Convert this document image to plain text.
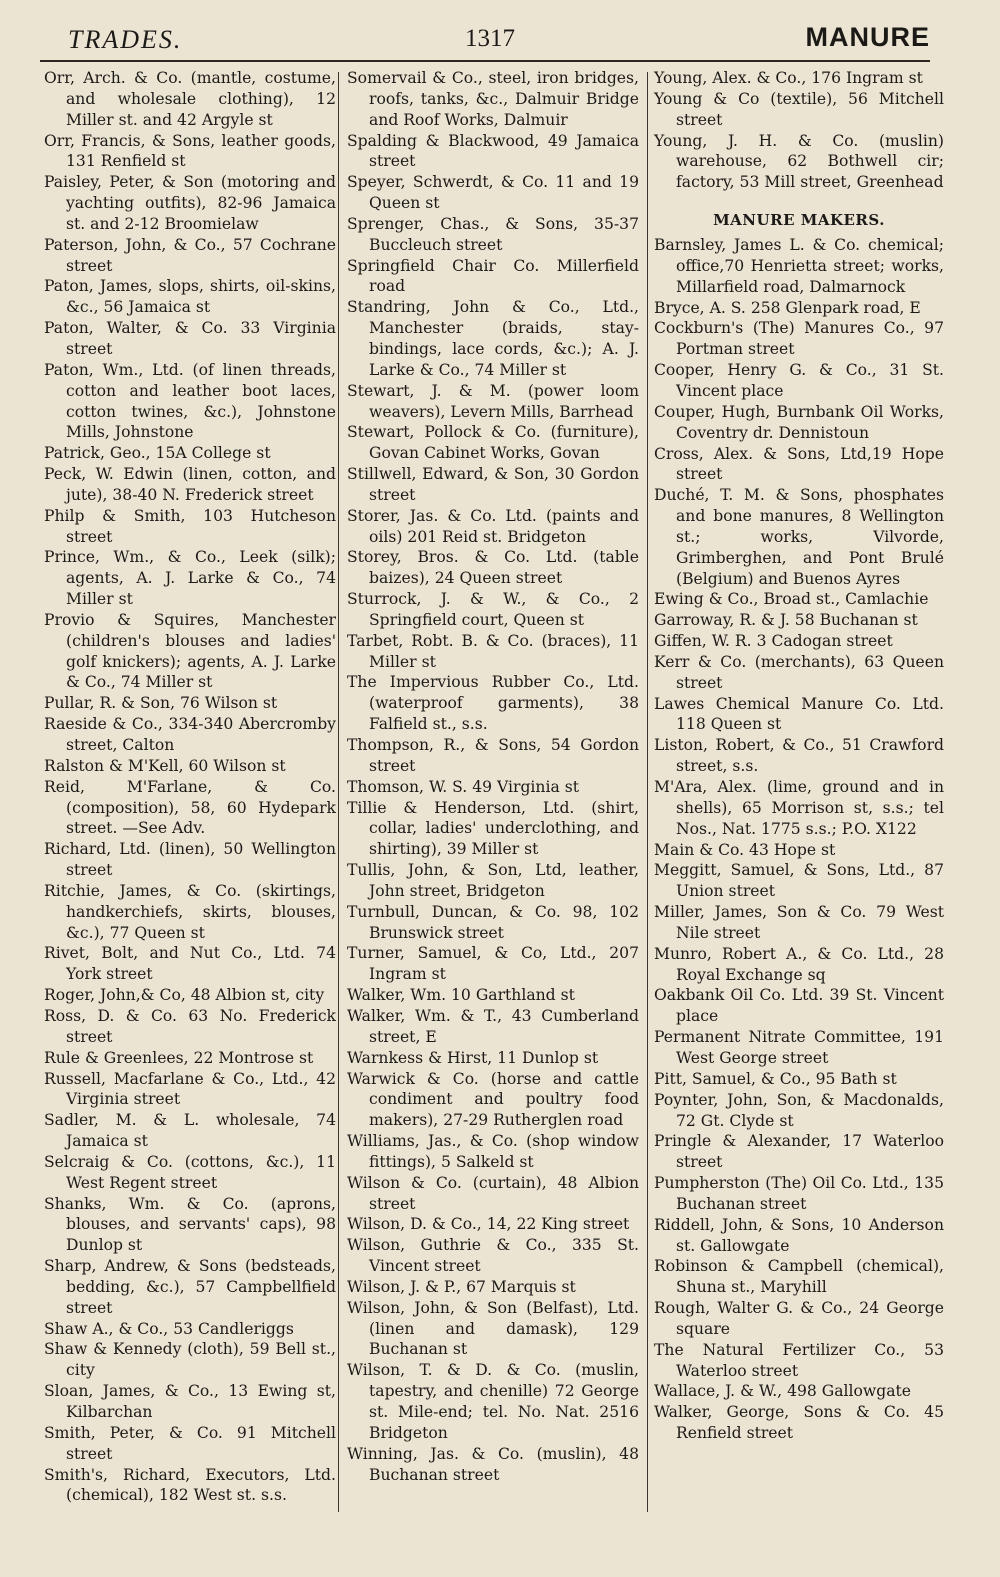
TRADES.	1317	MANURE
Orr, Arch. & Co. (mantle, costume, and wholesale clothing), 12 Miller st. and 42 Argyle st
Orr, Francis, & Sons, leather goods, 131 Renfield st
Paisley, Peter, & Son (motoring and yachting outfits), 82-96 Jamaica st. and 2-12 Broomielaw
Paterson, John, & Co., 57 Cochrane street
Paton, James, slops, shirts, oil-skins, &c., 56 Jamaica st
Paton, Walter, & Co. 33 Virginia street
Paton, Wm., Ltd. (of linen threads, cotton and leather boot laces, cotton twines, &c.), Johnstone Mills, Johnstone
Patrick, Geo., 15A College st
Peck, W. Edwin (linen, cotton, and jute), 38-40 N. Frederick street
Philp & Smith, 103 Hutcheson street
Prince, Wm., & Co., Leek (silk); agents, A. J. Larke & Co., 74 Miller st
Provio & Squires, Manchester (children's blouses and ladies' golf knickers); agents, A. J. Larke & Co., 74 Miller st
Pullar, R. & Son, 76 Wilson st
Raeside & Co., 334-340 Abercromby street, Calton
Ralston & M'Kell, 60 Wilson st
Reid, M'Farlane, & Co. (composition), 58, 60 Hydepark street. —See Adv.
Richard, Ltd. (linen), 50 Wellington street
Ritchie, James, & Co. (skirtings, handkerchiefs, skirts, blouses, &c.), 77 Queen st
Rivet, Bolt, and Nut Co., Ltd. 74 York street
Roger, John,& Co, 48 Albion st, city
Ross, D. & Co. 63 No. Frederick street
Rule & Greenlees, 22 Montrose st
Russell, Macfarlane & Co., Ltd., 42 Virginia street
Sadler, M. & L. wholesale, 74 Jamaica st
Selcraig & Co. (cottons, &c.), 11 West Regent street
Shanks, Wm. & Co. (aprons, blouses, and servants' caps), 98 Dunlop st
Sharp, Andrew, & Sons (bedsteads, bedding, &c.), 57 Campbellfield street
Shaw A., & Co., 53 Candleriggs
Shaw & Kennedy (cloth), 59 Bell st., city
Sloan, James, & Co., 13 Ewing st, Kilbarchan
Smith, Peter, & Co. 91 Mitchell street
Smith's, Richard, Executors, Ltd. (chemical), 182 West st. s.s.
Somervail & Co., steel, iron bridges, roofs, tanks, &c., Dalmuir Bridge and Roof Works, Dalmuir
Spalding & Blackwood, 49 Jamaica street
Speyer, Schwerdt, & Co. 11 and 19 Queen st
Sprenger, Chas., & Sons, 35-37 Buccleuch street
Springfield Chair Co. Millerfield road
Standring, John & Co., Ltd., Manchester (braids, stay-bindings, lace cords, &c.); A. J. Larke & Co., 74 Miller st
Stewart, J. & M. (power loom weavers), Levern Mills, Barrhead
Stewart, Pollock & Co. (furniture), Govan Cabinet Works, Govan
Stillwell, Edward, & Son, 30 Gordon street
Storer, Jas. & Co. Ltd. (paints and oils) 201 Reid st. Bridgeton
Storey, Bros. & Co. Ltd. (table baizes), 24 Queen street
Sturrock, J. & W., & Co., 2 Springfield court, Queen st
Tarbet, Robt. B. & Co. (braces), 11 Miller st
The Impervious Rubber Co., Ltd. (waterproof garments), 38 Falfield st., s.s.
Thompson, R., & Sons, 54 Gordon street
Thomson, W. S. 49 Virginia st
Tillie & Henderson, Ltd. (shirt, collar, ladies' underclothing, and shirting), 39 Miller st
Tullis, John, & Son, Ltd, leather, John street, Bridgeton
Turnbull, Duncan, & Co. 98, 102 Brunswick street
Turner, Samuel, & Co, Ltd., 207 Ingram st
Walker, Wm. 10 Garthland st
Walker, Wm. & T., 43 Cumberland street, E
Warnkess & Hirst, 11 Dunlop st
Warwick & Co. (horse and cattle condiment and poultry food makers), 27-29 Rutherglen road
Williams, Jas., & Co. (shop window fittings), 5 Salkeld st
Wilson & Co. (curtain), 48 Albion street
Wilson, D. & Co., 14, 22 King street
Wilson, Guthrie & Co., 335 St. Vincent street
Wilson, J. & P., 67 Marquis st
Wilson, John, & Son (Belfast), Ltd. (linen and damask), 129 Buchanan st
Wilson, T. & D. & Co. (muslin, tapestry, and chenille) 72 George st. Mile-end; tel. No. Nat. 2516 Bridgeton
Winning, Jas. & Co. (muslin), 48 Buchanan street
Young, Alex. & Co., 176 Ingram st
Young & Co (textile), 56 Mitchell street
Young, J. H. & Co. (muslin) warehouse, 62 Bothwell cir; factory, 53 Mill street, Greenhead
MANURE MAKERS.
Barnsley, James L. & Co. chemical; office,70 Henrietta street; works, Millarfield road, Dalmarnock
Bryce, A. S. 258 Glenpark road, E
Cockburn's (The) Manures Co., 97 Portman street
Cooper, Henry G. & Co., 31 St. Vincent place
Couper, Hugh, Burnbank Oil Works, Coventry dr. Dennistoun
Cross, Alex. & Sons, Ltd,19 Hope street
Duché, T. M. & Sons, phosphates and bone manures, 8 Wellington st.; works, Vilvorde, Grimberghen, and Pont Brulé (Belgium) and Buenos Ayres
Ewing & Co., Broad st., Camlachie
Garroway, R. & J. 58 Buchanan st
Giffen, W. R. 3 Cadogan street
Kerr & Co. (merchants), 63 Queen street
Lawes Chemical Manure Co. Ltd. 118 Queen st
Liston, Robert, & Co., 51 Crawford street, s.s.
M'Ara, Alex. (lime, ground and in shells), 65 Morrison st, s.s.; tel Nos., Nat. 1775 s.s.; P.O. X122
Main & Co. 43 Hope st
Meggitt, Samuel, & Sons, Ltd., 87 Union street
Miller, James, Son & Co. 79 West Nile street
Munro, Robert A., & Co. Ltd., 28 Royal Exchange sq
Oakbank Oil Co. Ltd. 39 St. Vincent place
Permanent Nitrate Committee, 191 West George street
Pitt, Samuel, & Co., 95 Bath st
Poynter, John, Son, & Macdonalds, 72 Gt. Clyde st
Pringle & Alexander, 17 Waterloo street
Pumpherston (The) Oil Co. Ltd., 135 Buchanan street
Riddell, John, & Sons, 10 Anderson st. Gallowgate
Robinson & Campbell (chemical), Shuna st., Maryhill
Rough, Walter G. & Co., 24 George square
The Natural Fertilizer Co., 53 Waterloo street
Wallace, J. & W., 498 Gallowgate
Walker, George, Sons & Co. 45 Renfield street
